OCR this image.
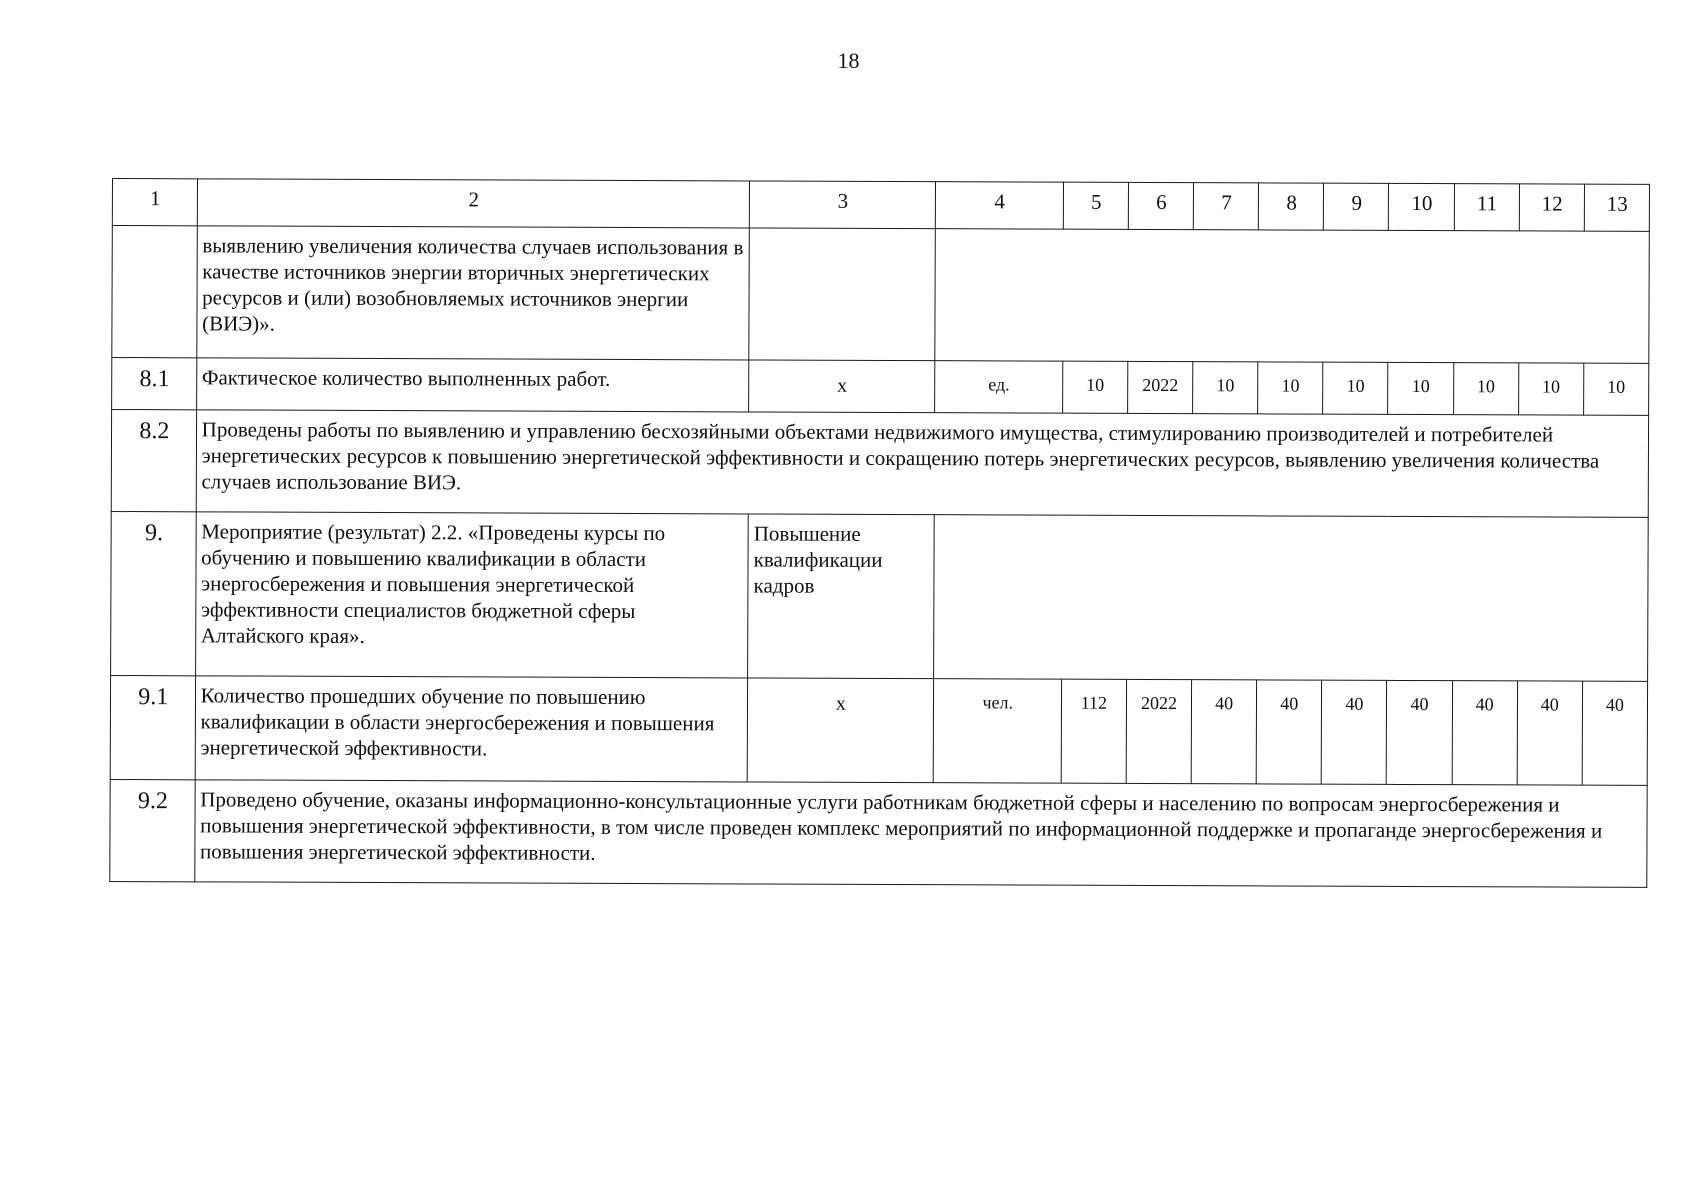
18
1	2	3	4	5	6	7	8	9	10	11	12	13
	выявлению увеличения количества случаев использования в качестве источников энергии вторичных энергетических ресурсов и (или) возобновляемых источников энергии (ВИЭ)».											
8.1	Фактическое количество выполненных работ.	х	ед.	10	2022	10	10	10	10	10	10	10
8.2	Проведены работы по выявлению и управлению бесхозяйными объектами недвижимого имущества, стимулированию производителей и потребителей энергетических ресурсов к повышению энергетической эффективности и сокращению потерь энергетических ресурсов, выявлению увеличения количества случаев использование ВИЭ.											
9.	Мероприятие (результат) 2.2. «Проведены курсы по обучению и повышению квалификации в области энергосбережения и повышения энергетической эффективности специалистов бюджетной сферы Алтайского края».	Повышение квалификации кадров										
9.1	Количество прошедших обучение по повышению квалификации в области энергосбережения и повышения энергетической эффективности.	х	чел.	112	2022	40	40	40	40	40	40	40
9.2	Проведено обучение, оказаны информационно-консультационные услуги работникам бюджетной сферы и населению по вопросам энергосбережения и повышения энергетической эффективности, в том числе проведен комплекс мероприятий по информационной поддержке и пропаганде энергосбережения и повышения энергетической эффективности.											
